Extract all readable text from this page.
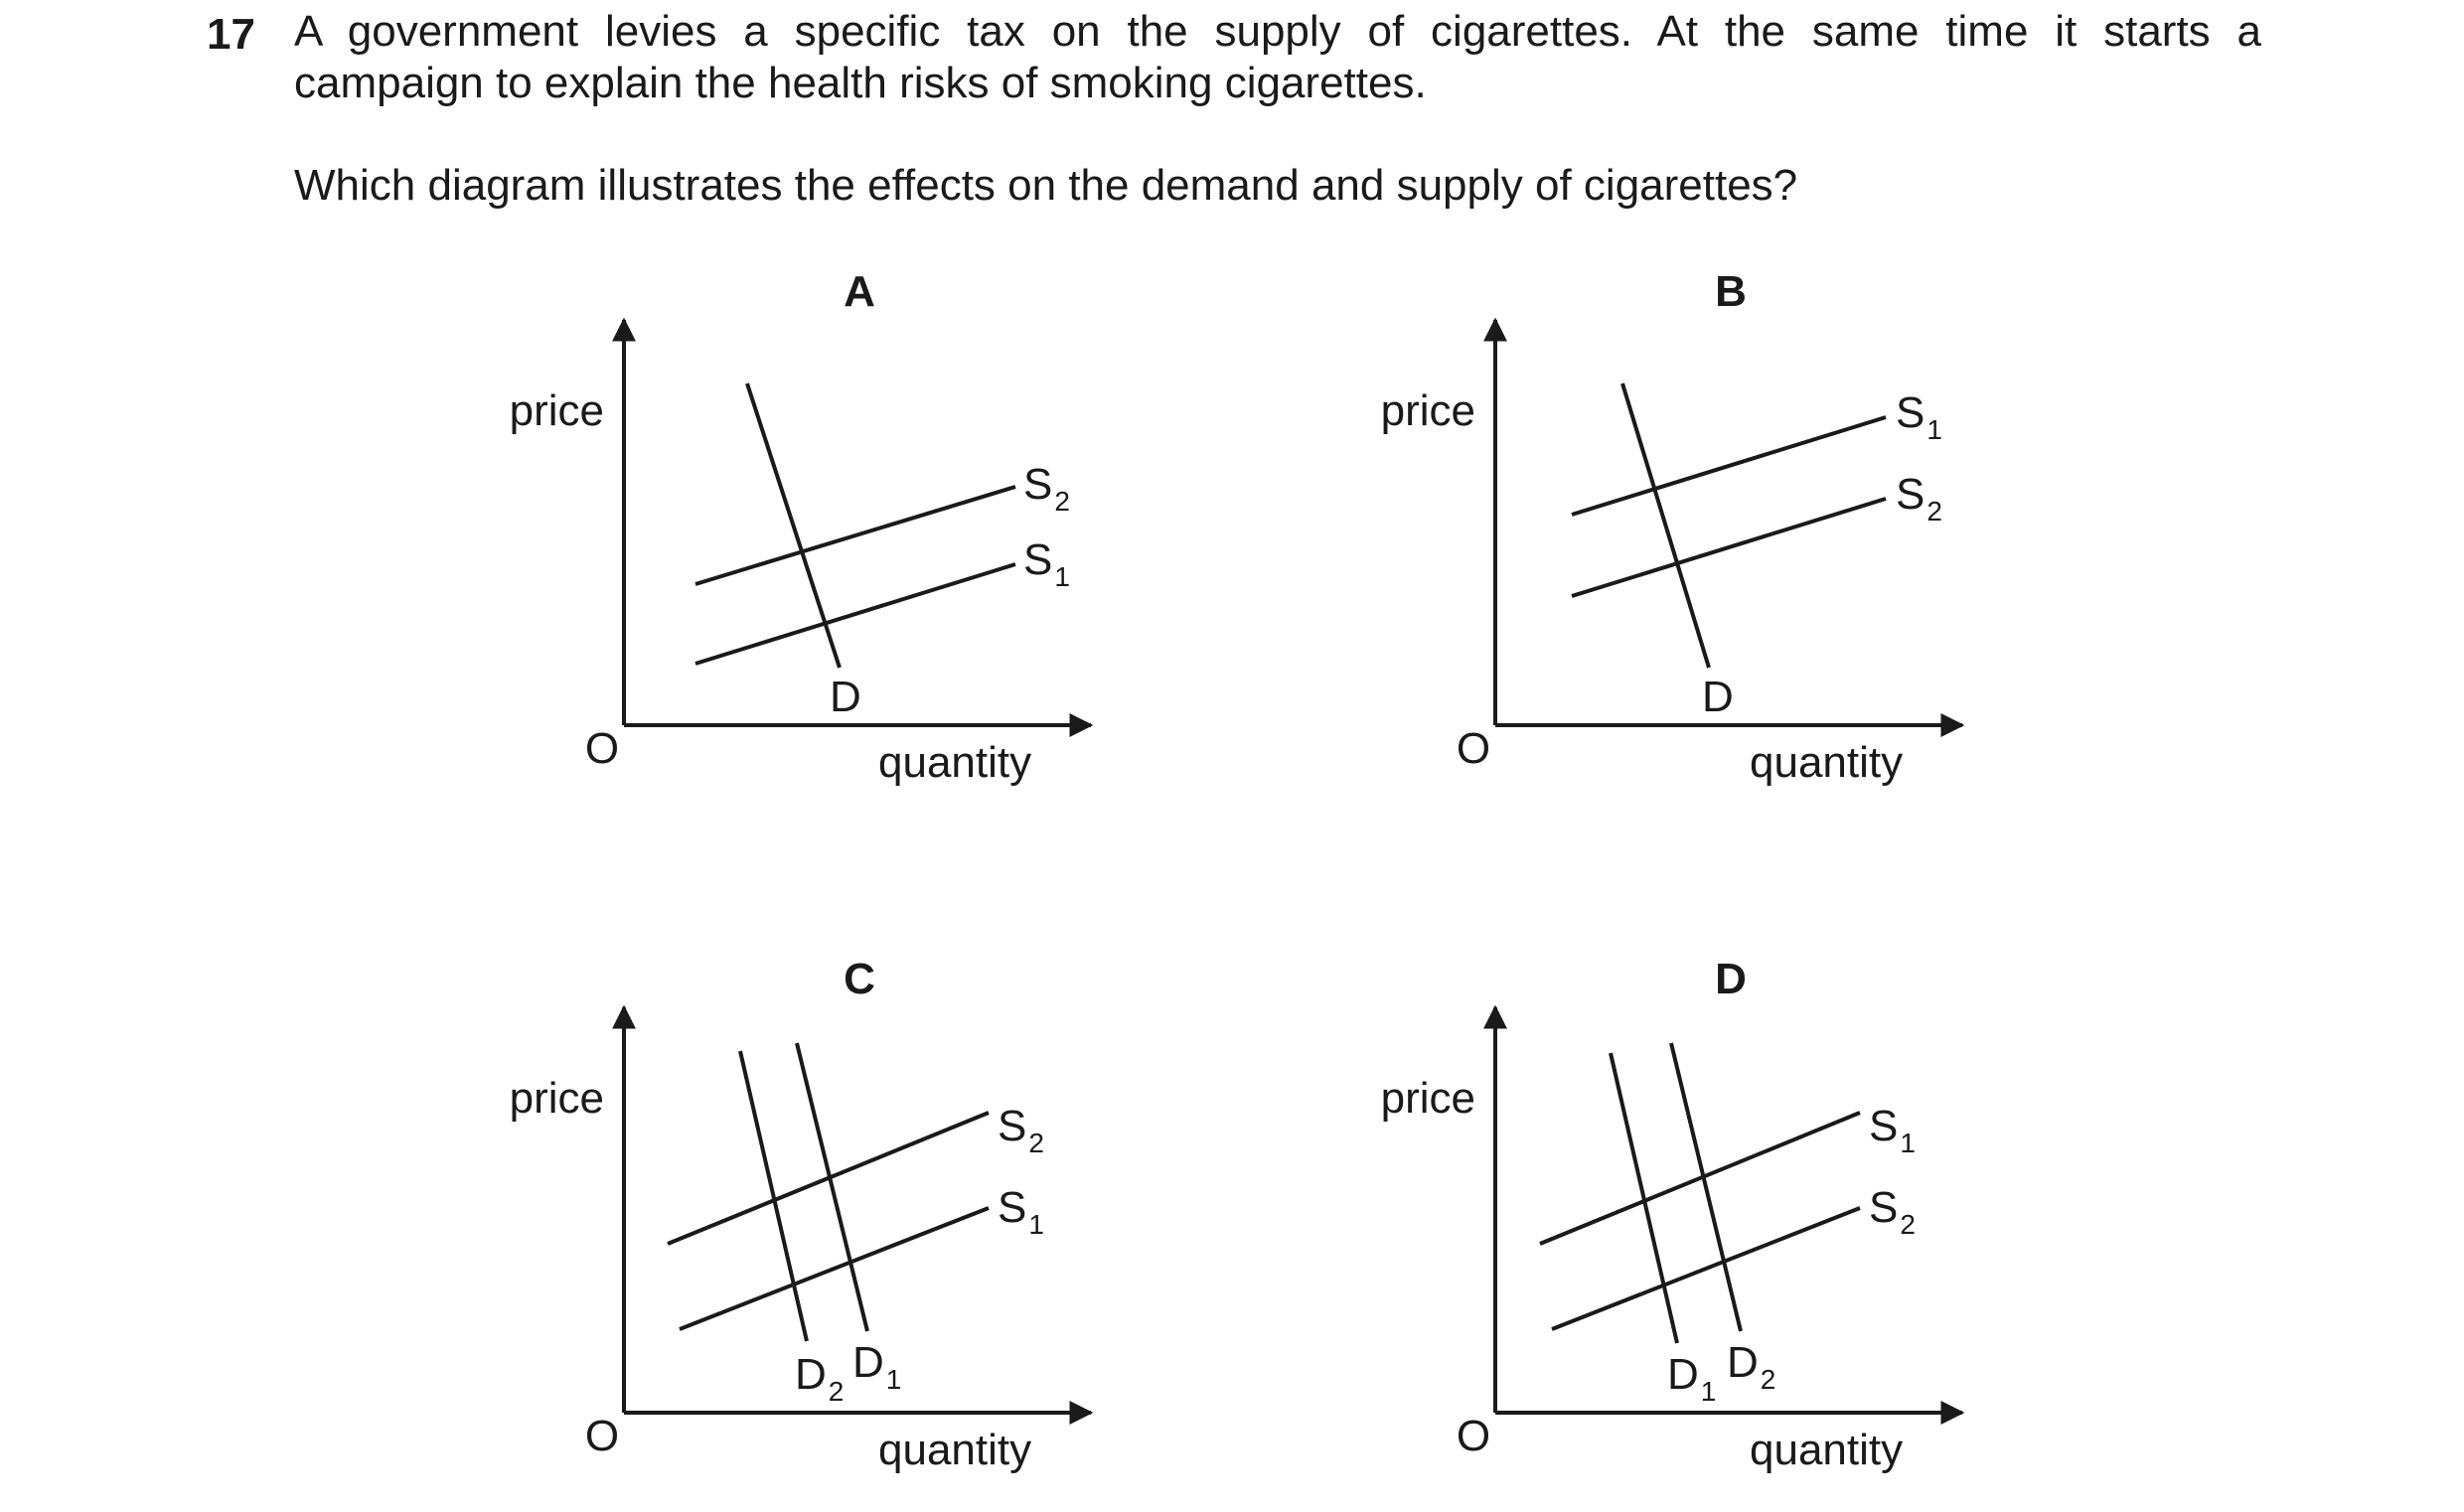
17 A government levies a specific tax on the supply of cigarettes. At the same time it starts a
campaign to explain the health risks of smoking cigarettes.
Which diagram illustrates the effects on the demand and supply of cigarettes?
A
price
quantity
O
$S_2$
$S_1$
D
B
price
quantity
O
$S_1$
$S_2$
D
C
price
quantity
O
$S_2$
$S_1$
$D_2$
$D_1$
D
price
quantity
O
$S_1$
$S_2$
$D_1$
$D_2$
